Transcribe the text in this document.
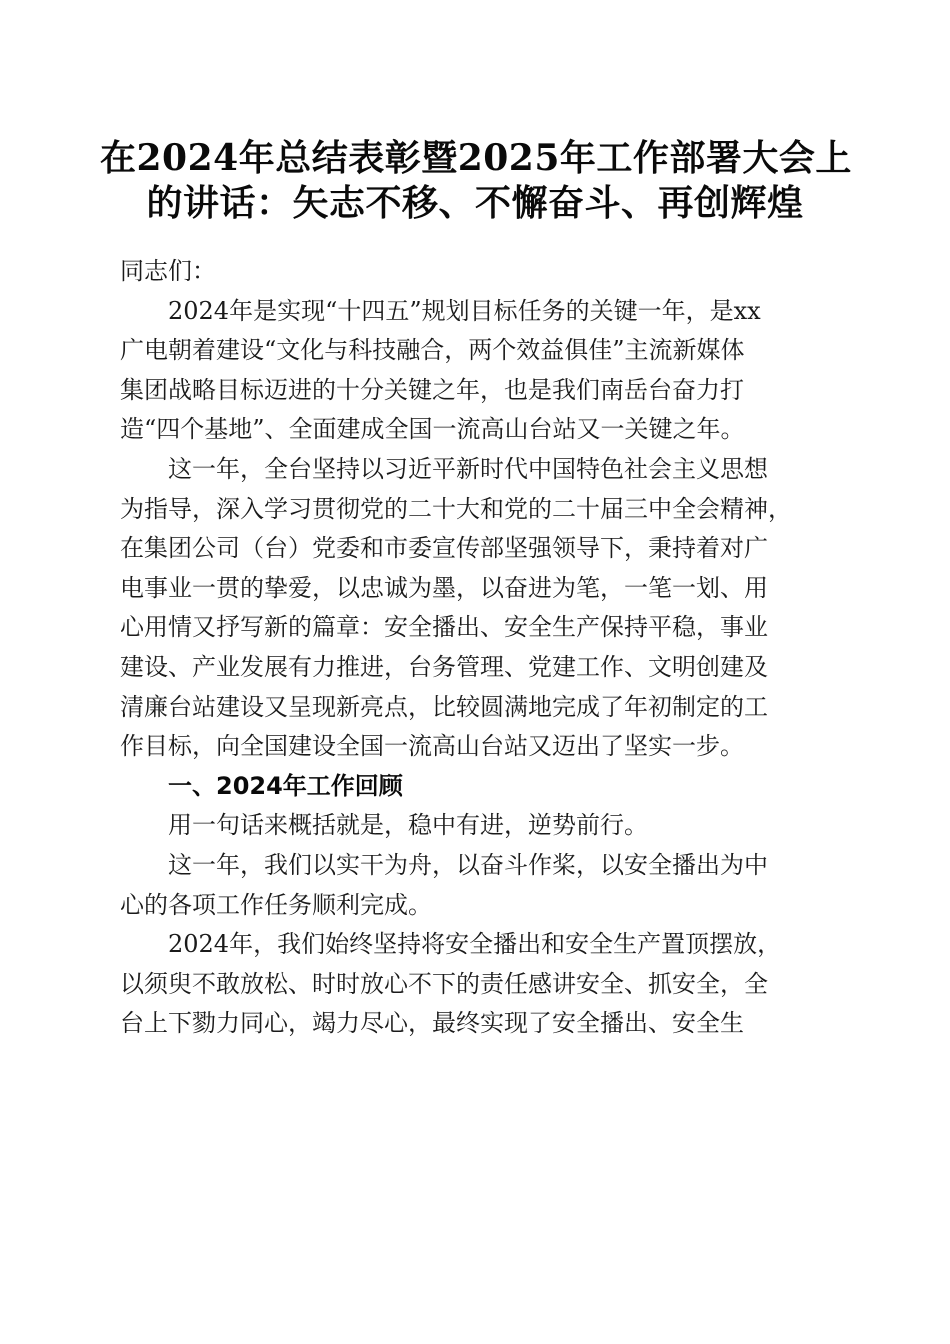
在2024年总结表彰暨2025年工作部署大会上
的讲话：矢志不移、不懈奋斗、再创辉煌
同志们：
2024年是实现“十四五”规划目标任务的关键一年，是xx
广电朝着建设“文化与科技融合，两个效益俱佳”主流新媒体
集团战略目标迈进的十分关键之年，也是我们南岳台奋力打
造“四个基地”、全面建成全国一流高山台站又一关键之年。
这一年，全台坚持以习近平新时代中国特色社会主义思想
为指导，深入学习贯彻党的二十大和党的二十届三中全会精神，
在集团公司（台）党委和市委宣传部坚强领导下，秉持着对广
电事业一贯的挚爱，以忠诚为墨，以奋进为笔，一笔一划、用
心用情又抒写新的篇章：安全播出、安全生产保持平稳，事业
建设、产业发展有力推进，台务管理、党建工作、文明创建及
清廉台站建设又呈现新亮点，比较圆满地完成了年初制定的工
作目标，向全国建设全国一流高山台站又迈出了坚实一步。
一、2024年工作回顾
用一句话来概括就是，稳中有进，逆势前行。
这一年，我们以实干为舟，以奋斗作桨，以安全播出为中
心的各项工作任务顺利完成。
2024年，我们始终坚持将安全播出和安全生产置顶摆放，
以须臾不敢放松、时时放心不下的责任感讲安全、抓安全，全
台上下勠力同心，竭力尽心，最终实现了安全播出、安全生
